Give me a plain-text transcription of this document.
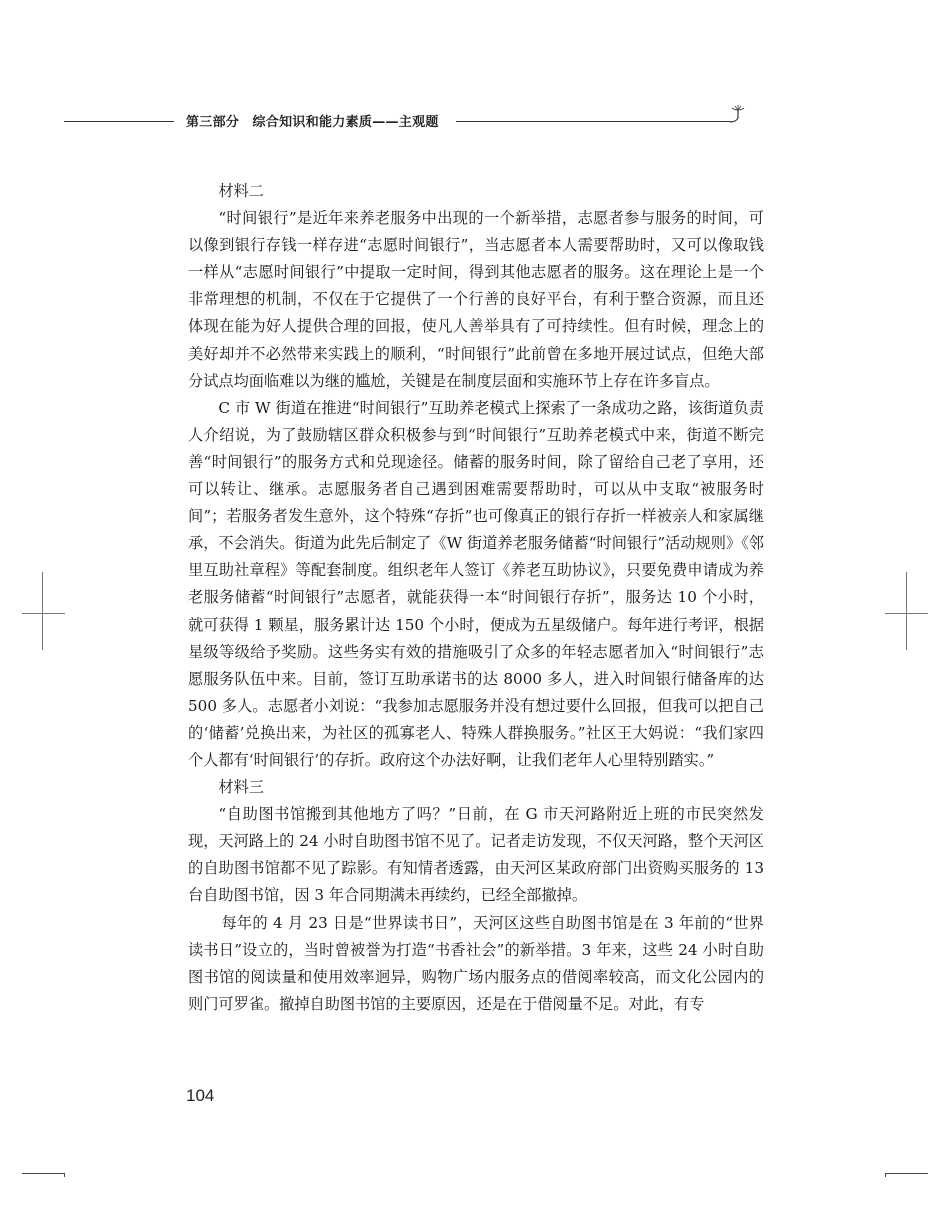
第三部分　综合知识和能力素质——主观题

材料二

“时间银行”是近年来养老服务中出现的一个新举措，志愿者参与服务的时间，可以像到银行存钱一样存进“志愿时间银行”，当志愿者本人需要帮助时，又可以像取钱一样从“志愿时间银行”中提取一定时间，得到其他志愿者的服务。这在理论上是一个非常理想的机制，不仅在于它提供了一个行善的良好平台，有利于整合资源，而且还体现在能为好人提供合理的回报，使凡人善举具有了可持续性。但有时候，理念上的美好却并不必然带来实践上的顺利，“时间银行”此前曾在多地开展过试点，但绝大部分试点均面临难以为继的尴尬，关键是在制度层面和实施环节上存在许多盲点。

C 市 W 街道在推进“时间银行”互助养老模式上探索了一条成功之路，该街道负责人介绍说，为了鼓励辖区群众积极参与到“时间银行”互助养老模式中来，街道不断完善“时间银行”的服务方式和兑现途径。储蓄的服务时间，除了留给自己老了享用，还可以转让、继承。志愿服务者自己遇到困难需要帮助时，可以从中支取“被服务时间”；若服务者发生意外，这个特殊“存折”也可像真正的银行存折一样被亲人和家属继承，不会消失。街道为此先后制定了《W 街道养老服务储蓄“时间银行”活动规则》《邻里互助社章程》等配套制度。组织老年人签订《养老互助协议》，只要免费申请成为养老服务储蓄“时间银行”志愿者，就能获得一本“时间银行存折”，服务达 10 个小时，就可获得 1 颗星，服务累计达 150 个小时，便成为五星级储户。每年进行考评，根据星级等级给予奖励。这些务实有效的措施吸引了众多的年轻志愿者加入“时间银行”志愿服务队伍中来。目前，签订互助承诺书的达 8000 多人，进入时间银行储备库的达 500 多人。志愿者小刘说：“我参加志愿服务并没有想过要什么回报，但我可以把自己的‘储蓄’兑换出来，为社区的孤寡老人、特殊人群换服务。”社区王大妈说：“我们家四个人都有‘时间银行’的存折。政府这个办法好啊，让我们老年人心里特别踏实。”

材料三

“自助图书馆搬到其他地方了吗？”日前，在 G 市天河路附近上班的市民突然发现，天河路上的 24 小时自助图书馆不见了。记者走访发现，不仅天河路，整个天河区的自助图书馆都不见了踪影。有知情者透露，由天河区某政府部门出资购买服务的 13 台自助图书馆，因 3 年合同期满未再续约，已经全部撤掉。

每年的 4 月 23 日是“世界读书日”，天河区这些自助图书馆是在 3 年前的“世界读书日”设立的，当时曾被誉为打造“书香社会”的新举措。3 年来，这些 24 小时自助图书馆的阅读量和使用效率迥异，购物广场内服务点的借阅率较高，而文化公园内的则门可罗雀。撤掉自助图书馆的主要原因，还是在于借阅量不足。对此，有专

104
